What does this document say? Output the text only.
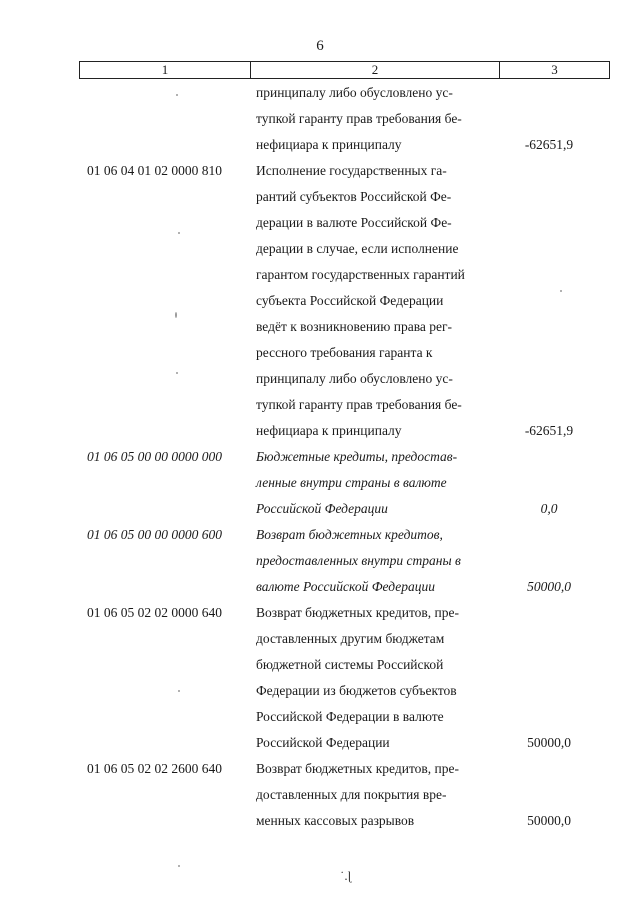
6
1	2	3
принципалу либо обусловлено ус-
тупкой гаранту прав требования бе-
нефициара к принципалу	-62651,9
01 06 04 01 02 0000 810	Исполнение государственных га-
рантий субъектов Российской Фе-
дерации в валюте Российской Фе-
дерации в случае, если исполнение
гарантом государственных гарантий
субъекта Российской Федерации
ведёт к возникновению права рег-
рессного требования гаранта к
принципалу либо обусловлено ус-
тупкой гаранту прав требования бе-
нефициара к принципалу	-62651,9
01 06 05 00 00 0000 000	Бюджетные кредиты, предостав-
ленные внутри страны в валюте
Российской Федерации	0,0
01 06 05 00 00 0000 600	Возврат бюджетных кредитов,
предоставленных внутри страны в
валюте Российской Федерации	50000,0
01 06 05 02 02 0000 640	Возврат бюджетных кредитов, пре-
доставленных другим бюджетам
бюджетной системы Российской
Федерации из бюджетов субъектов
Российской Федерации в валюте
Российской Федерации	50000,0
01 06 05 02 02 2600 640	Возврат бюджетных кредитов, пре-
доставленных для покрытия вре-
менных кассовых разрывов	50000,0
˙.ɭ
